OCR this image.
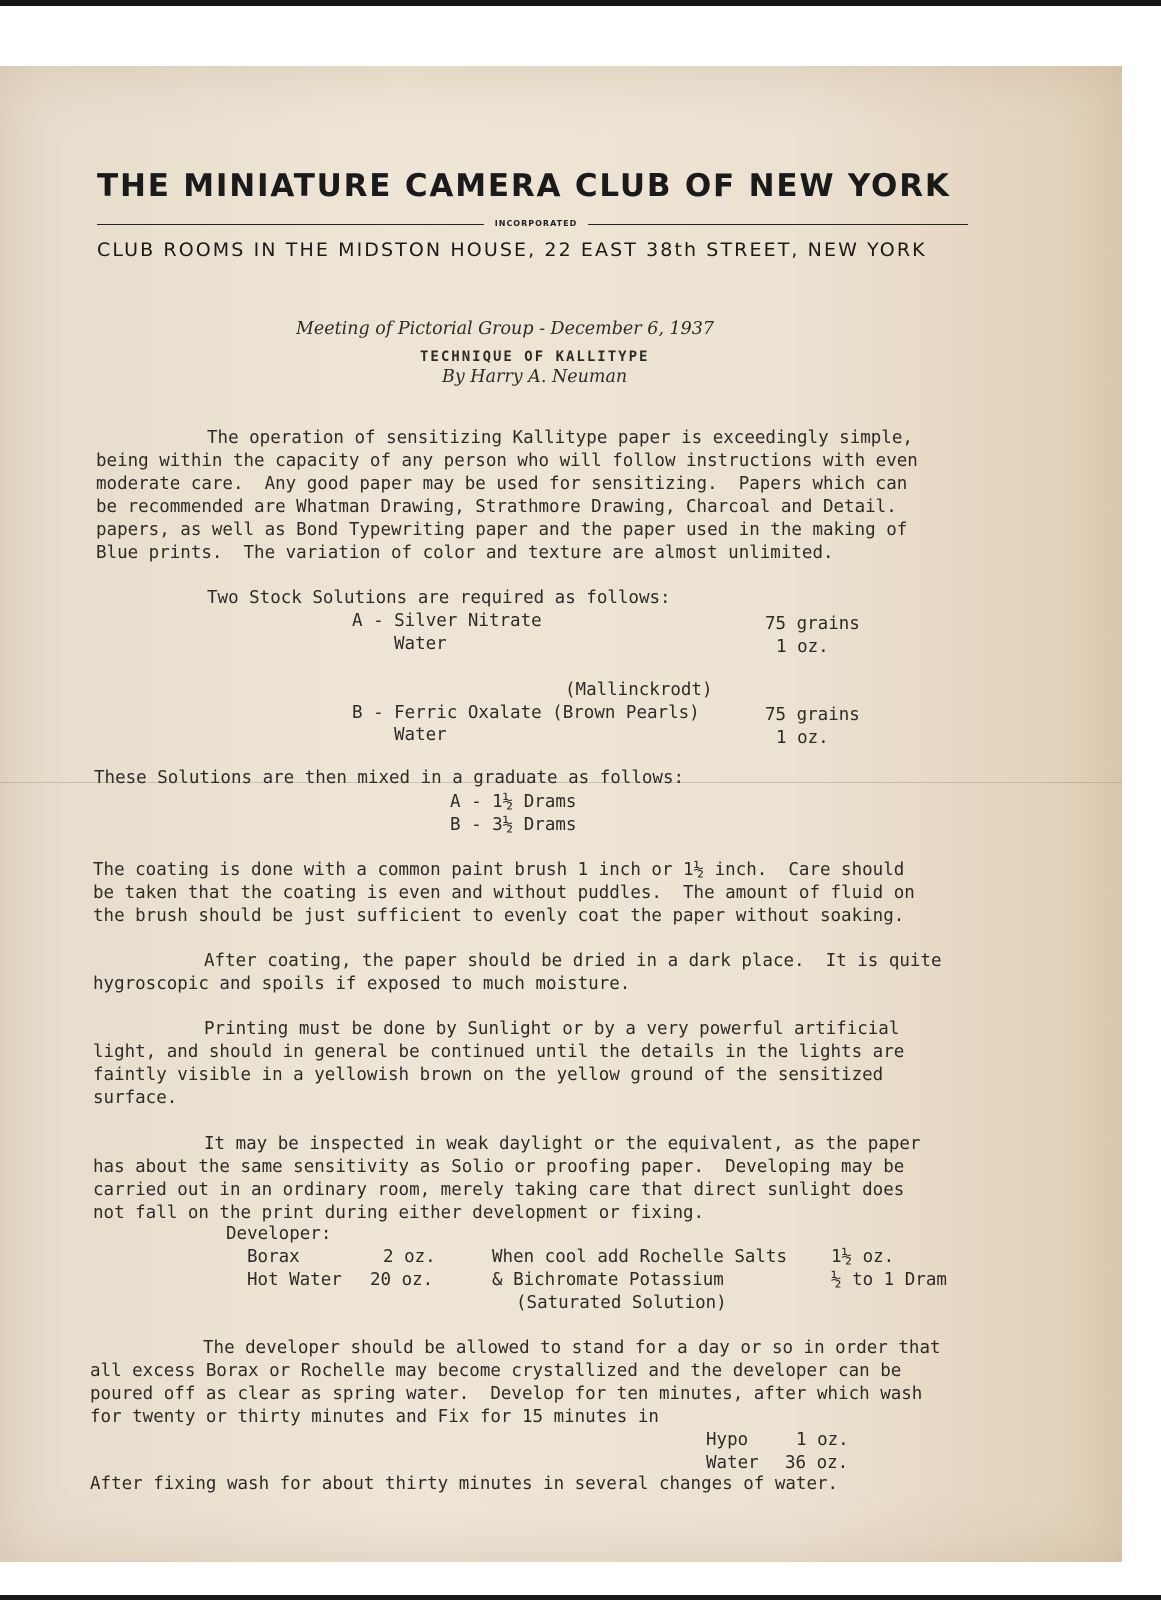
THE MINIATURE CAMERA CLUB OF NEW YORK
INCORPORATED
CLUB ROOMS IN THE MIDSTON HOUSE, 22 EAST 38th STREET, NEW YORK
Meeting of Pictorial Group - December 6, 1937
TECHNIQUE OF KALLITYPE
By Harry A. Neuman
The operation of sensitizing Kallitype paper is exceedingly simple,
being within the capacity of any person who will follow instructions with even
moderate care.  Any good paper may be used for sensitizing.  Papers which can
be recommended are Whatman Drawing, Strathmore Drawing, Charcoal and Detail.
papers, as well as Bond Typewriting paper and the paper used in the making of
Blue prints.  The variation of color and texture are almost unlimited.
Two Stock Solutions are required as follows:
A - Silver Nitrate	75 grains
Water	1 oz.
(Mallinckrodt)
B - Ferric Oxalate (Brown Pearls)	75 grains
Water	1 oz.
These Solutions are then mixed in a graduate as follows:
A - 1½ Drams
B - 3½ Drams
The coating is done with a common paint brush 1 inch or 1½ inch.  Care should
be taken that the coating is even and without puddles.  The amount of fluid on
the brush should be just sufficient to evenly coat the paper without soaking.
After coating, the paper should be dried in a dark place.  It is quite
hygroscopic and spoils if exposed to much moisture.
Printing must be done by Sunlight or by a very powerful artificial
light, and should in general be continued until the details in the lights are
faintly visible in a yellowish brown on the yellow ground of the sensitized
surface.
It may be inspected in weak daylight or the equivalent, as the paper
has about the same sensitivity as Solio or proofing paper.  Developing may be
carried out in an ordinary room, merely taking care that direct sunlight does
not fall on the print during either development or fixing.
Developer:
Borax	2 oz.	When cool add Rochelle Salts	1½ oz.
Hot Water 20 oz.	& Bichromate Potassium	½ to 1 Dram
(Saturated Solution)
The developer should be allowed to stand for a day or so in order that
all excess Borax or Rochelle may become crystallized and the developer can be
poured off as clear as spring water.  Develop for ten minutes, after which wash
for twenty or thirty minutes and Fix for 15 minutes in
Hypo	1 oz.
Water 36 oz.
After fixing wash for about thirty minutes in several changes of water.
